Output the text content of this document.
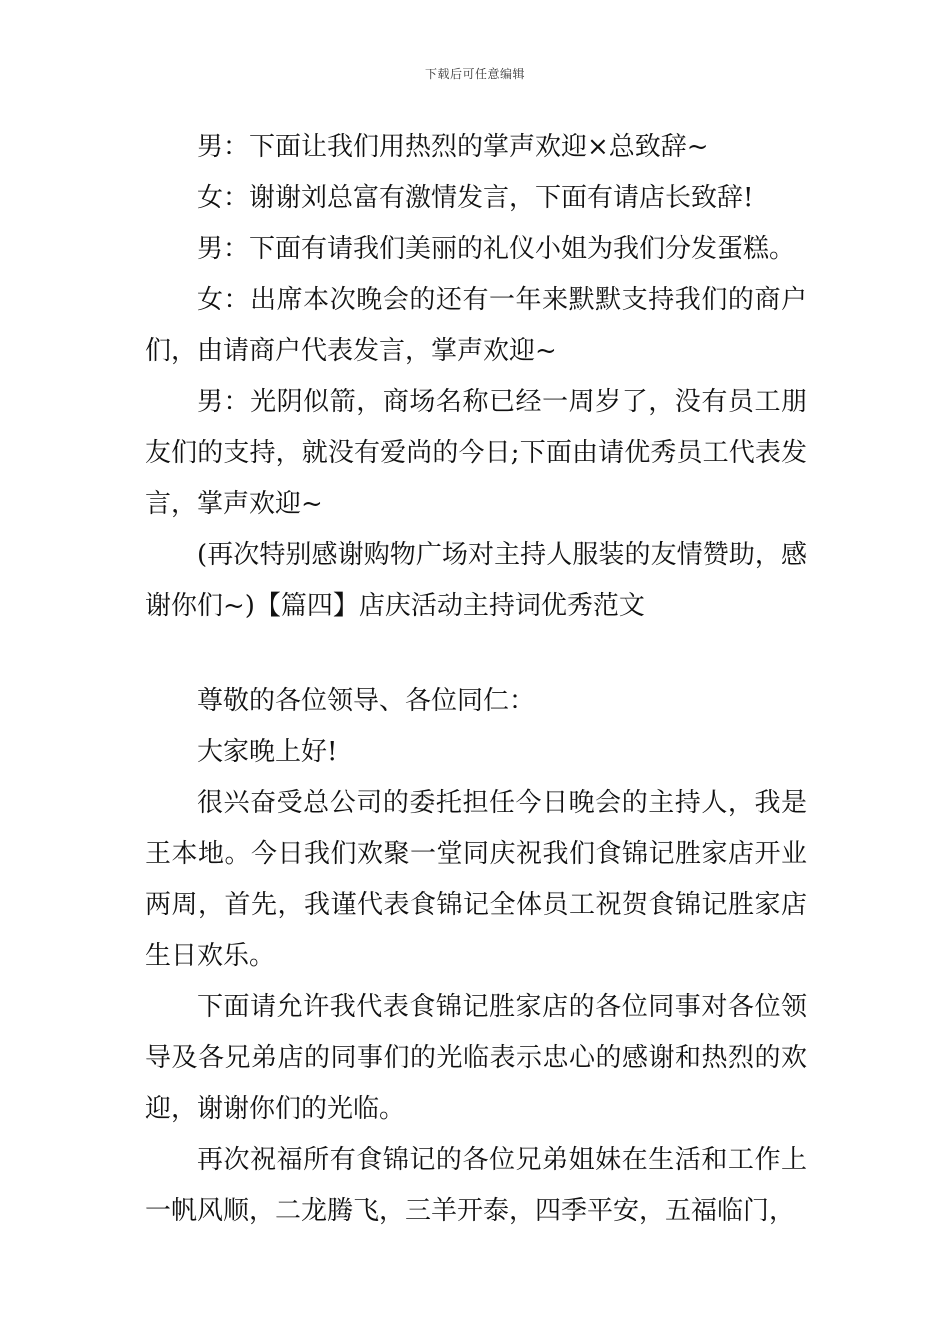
下载后可任意编辑

男：下面让我们用热烈的掌声欢迎×总致辞~

女：谢谢刘总富有激情发言，下面有请店长致辞!

男：下面有请我们美丽的礼仪小姐为我们分发蛋糕。

女：出席本次晚会的还有一年来默默支持我们的商户们，由请商户代表发言，掌声欢迎~

男：光阴似箭，商场名称已经一周岁了，没有员工朋友们的支持，就没有爱尚的今日;下面由请优秀员工代表发言，掌声欢迎~

(再次特别感谢购物广场对主持人服装的友情赞助，感谢你们~)【篇四】店庆活动主持词优秀范文

尊敬的各位领导、各位同仁：

大家晚上好!

很兴奋受总公司的委托担任今日晚会的主持人，我是王本地。今日我们欢聚一堂同庆祝我们食锦记胜家店开业两周，首先，我谨代表食锦记全体员工祝贺食锦记胜家店生日欢乐。

下面请允许我代表食锦记胜家店的各位同事对各位领导及各兄弟店的同事们的光临表示忠心的感谢和热烈的欢迎，谢谢你们的光临。

再次祝福所有食锦记的各位兄弟姐妹在生活和工作上一帆风顺，二龙腾飞，三羊开泰，四季平安，五福临门，
